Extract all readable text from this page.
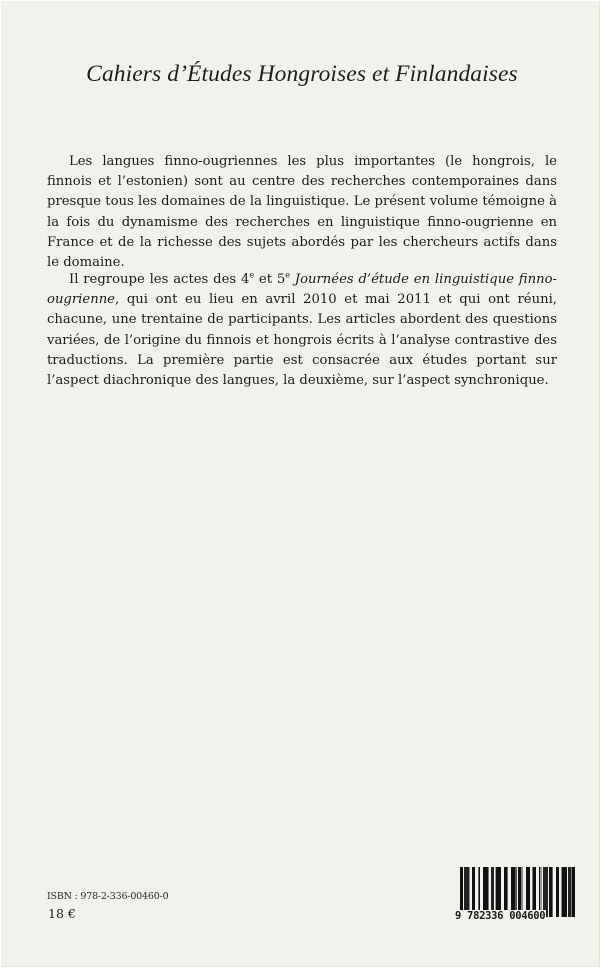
Cahiers d’Études Hongroises et Finlandaises

Les langues finno-ougriennes les plus importantes (le hongrois, le finnois et l’estonien) sont au centre des recherches contemporaines dans presque tous les domaines de la linguistique. Le présent volume témoigne à la fois du dynamisme des recherches en linguistique finno-ougrienne en France et de la richesse des sujets abordés par les chercheurs actifs dans le domaine.

Il regroupe les actes des 4e et 5e Journées d’étude en linguistique finno-ougrienne, qui ont eu lieu en avril 2010 et mai 2011 et qui ont réuni, chacune, une trentaine de participants. Les articles abordent des questions variées, de l’origine du finnois et hongrois écrits à l’analyse contrastive des traductions. La première partie est consacrée aux études portant sur l’aspect diachronique des langues, la deuxième, sur l’aspect synchronique.

ISBN : 978-2-336-00460-0
18 €	9 782336 004600
